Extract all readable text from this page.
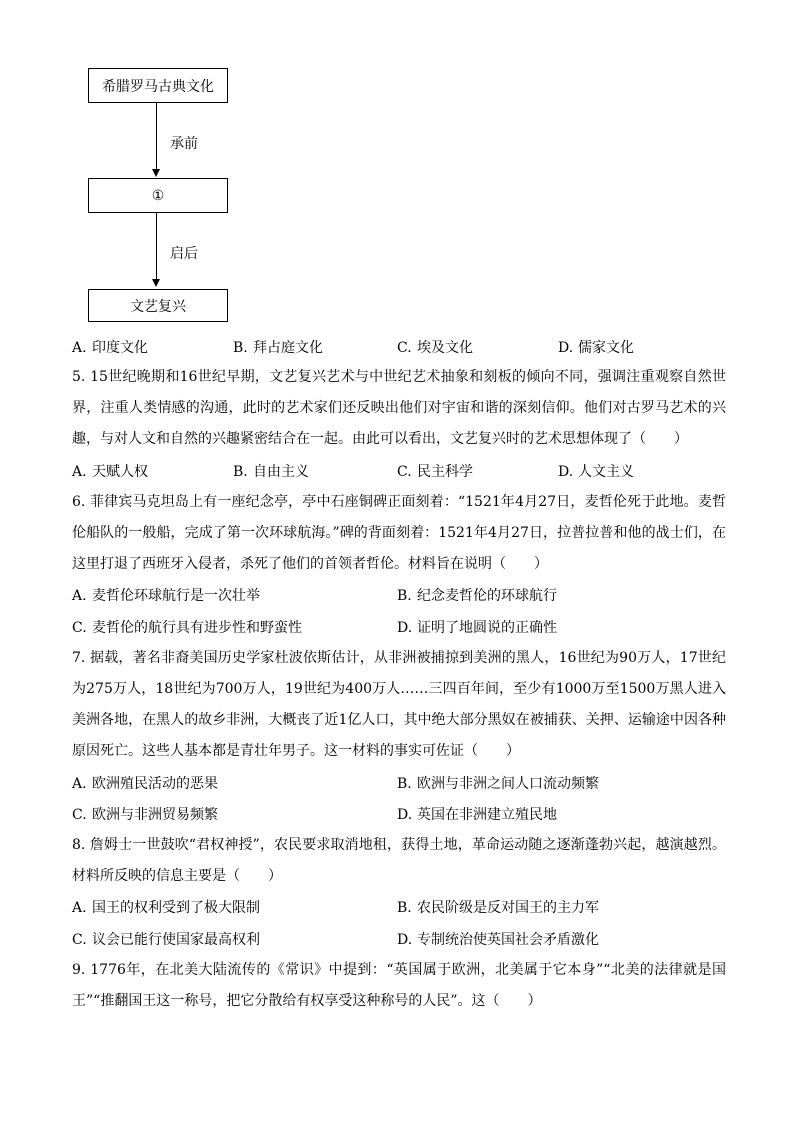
希腊罗马古典文化
承前
①
启后
文艺复兴
A. 印度文化	B. 拜占庭文化	C. 埃及文化	D. 儒家文化
5. 15世纪晚期和16世纪早期，文艺复兴艺术与中世纪艺术抽象和刻板的倾向不同，强调注重观察自然世界，注重人类情感的沟通，此时的艺术家们还反映出他们对宇宙和谐的深刻信仰。他们对古罗马艺术的兴趣，与对人文和自然的兴趣紧密结合在一起。由此可以看出，文艺复兴时的艺术思想体现了（　　）
A. 天赋人权	B. 自由主义	C. 民主科学	D. 人文主义
6. 菲律宾马克坦岛上有一座纪念亭，亭中石座铜碑正面刻着：“1521年4月27日，麦哲伦死于此地。麦哲伦船队的一般船，完成了第一次环球航海。”碑的背面刻着：1521年4月27日，拉普拉普和他的战士们，在这里打退了西班牙入侵者，杀死了他们的首领者哲伦。材料旨在说明（　　）
A. 麦哲伦环球航行是一次壮举	B. 纪念麦哲伦的环球航行
C. 麦哲伦的航行具有进步性和野蛮性	D. 证明了地圆说的正确性
7. 据载，著名非裔美国历史学家杜波依斯估计，从非洲被捕掠到美洲的黑人，16世纪为90万人，17世纪为275万人，18世纪为700万人，19世纪为400万人……三四百年间，至少有1000万至1500万黑人进入美洲各地，在黑人的故乡非洲，大概丧了近1亿人口，其中绝大部分黑奴在被捕获、关押、运输途中因各种原因死亡。这些人基本都是青壮年男子。这一材料的事实可佐证（　　）
A. 欧洲殖民活动的恶果	B. 欧洲与非洲之间人口流动频繁
C. 欧洲与非洲贸易频繁	D. 英国在非洲建立殖民地
8. 詹姆士一世鼓吹“君权神授”，农民要求取消地租，获得土地，革命运动随之逐渐蓬勃兴起，越演越烈。材料所反映的信息主要是（　　）
A. 国王的权利受到了极大限制	B. 农民阶级是反对国王的主力军
C. 议会已能行使国家最高权利	D. 专制统治使英国社会矛盾激化
9. 1776年，在北美大陆流传的《常识》中提到：“英国属于欧洲，北美属于它本身”“北美的法律就是国王”“推翻国王这一称号，把它分散给有权享受这种称号的人民”。这（　　）
